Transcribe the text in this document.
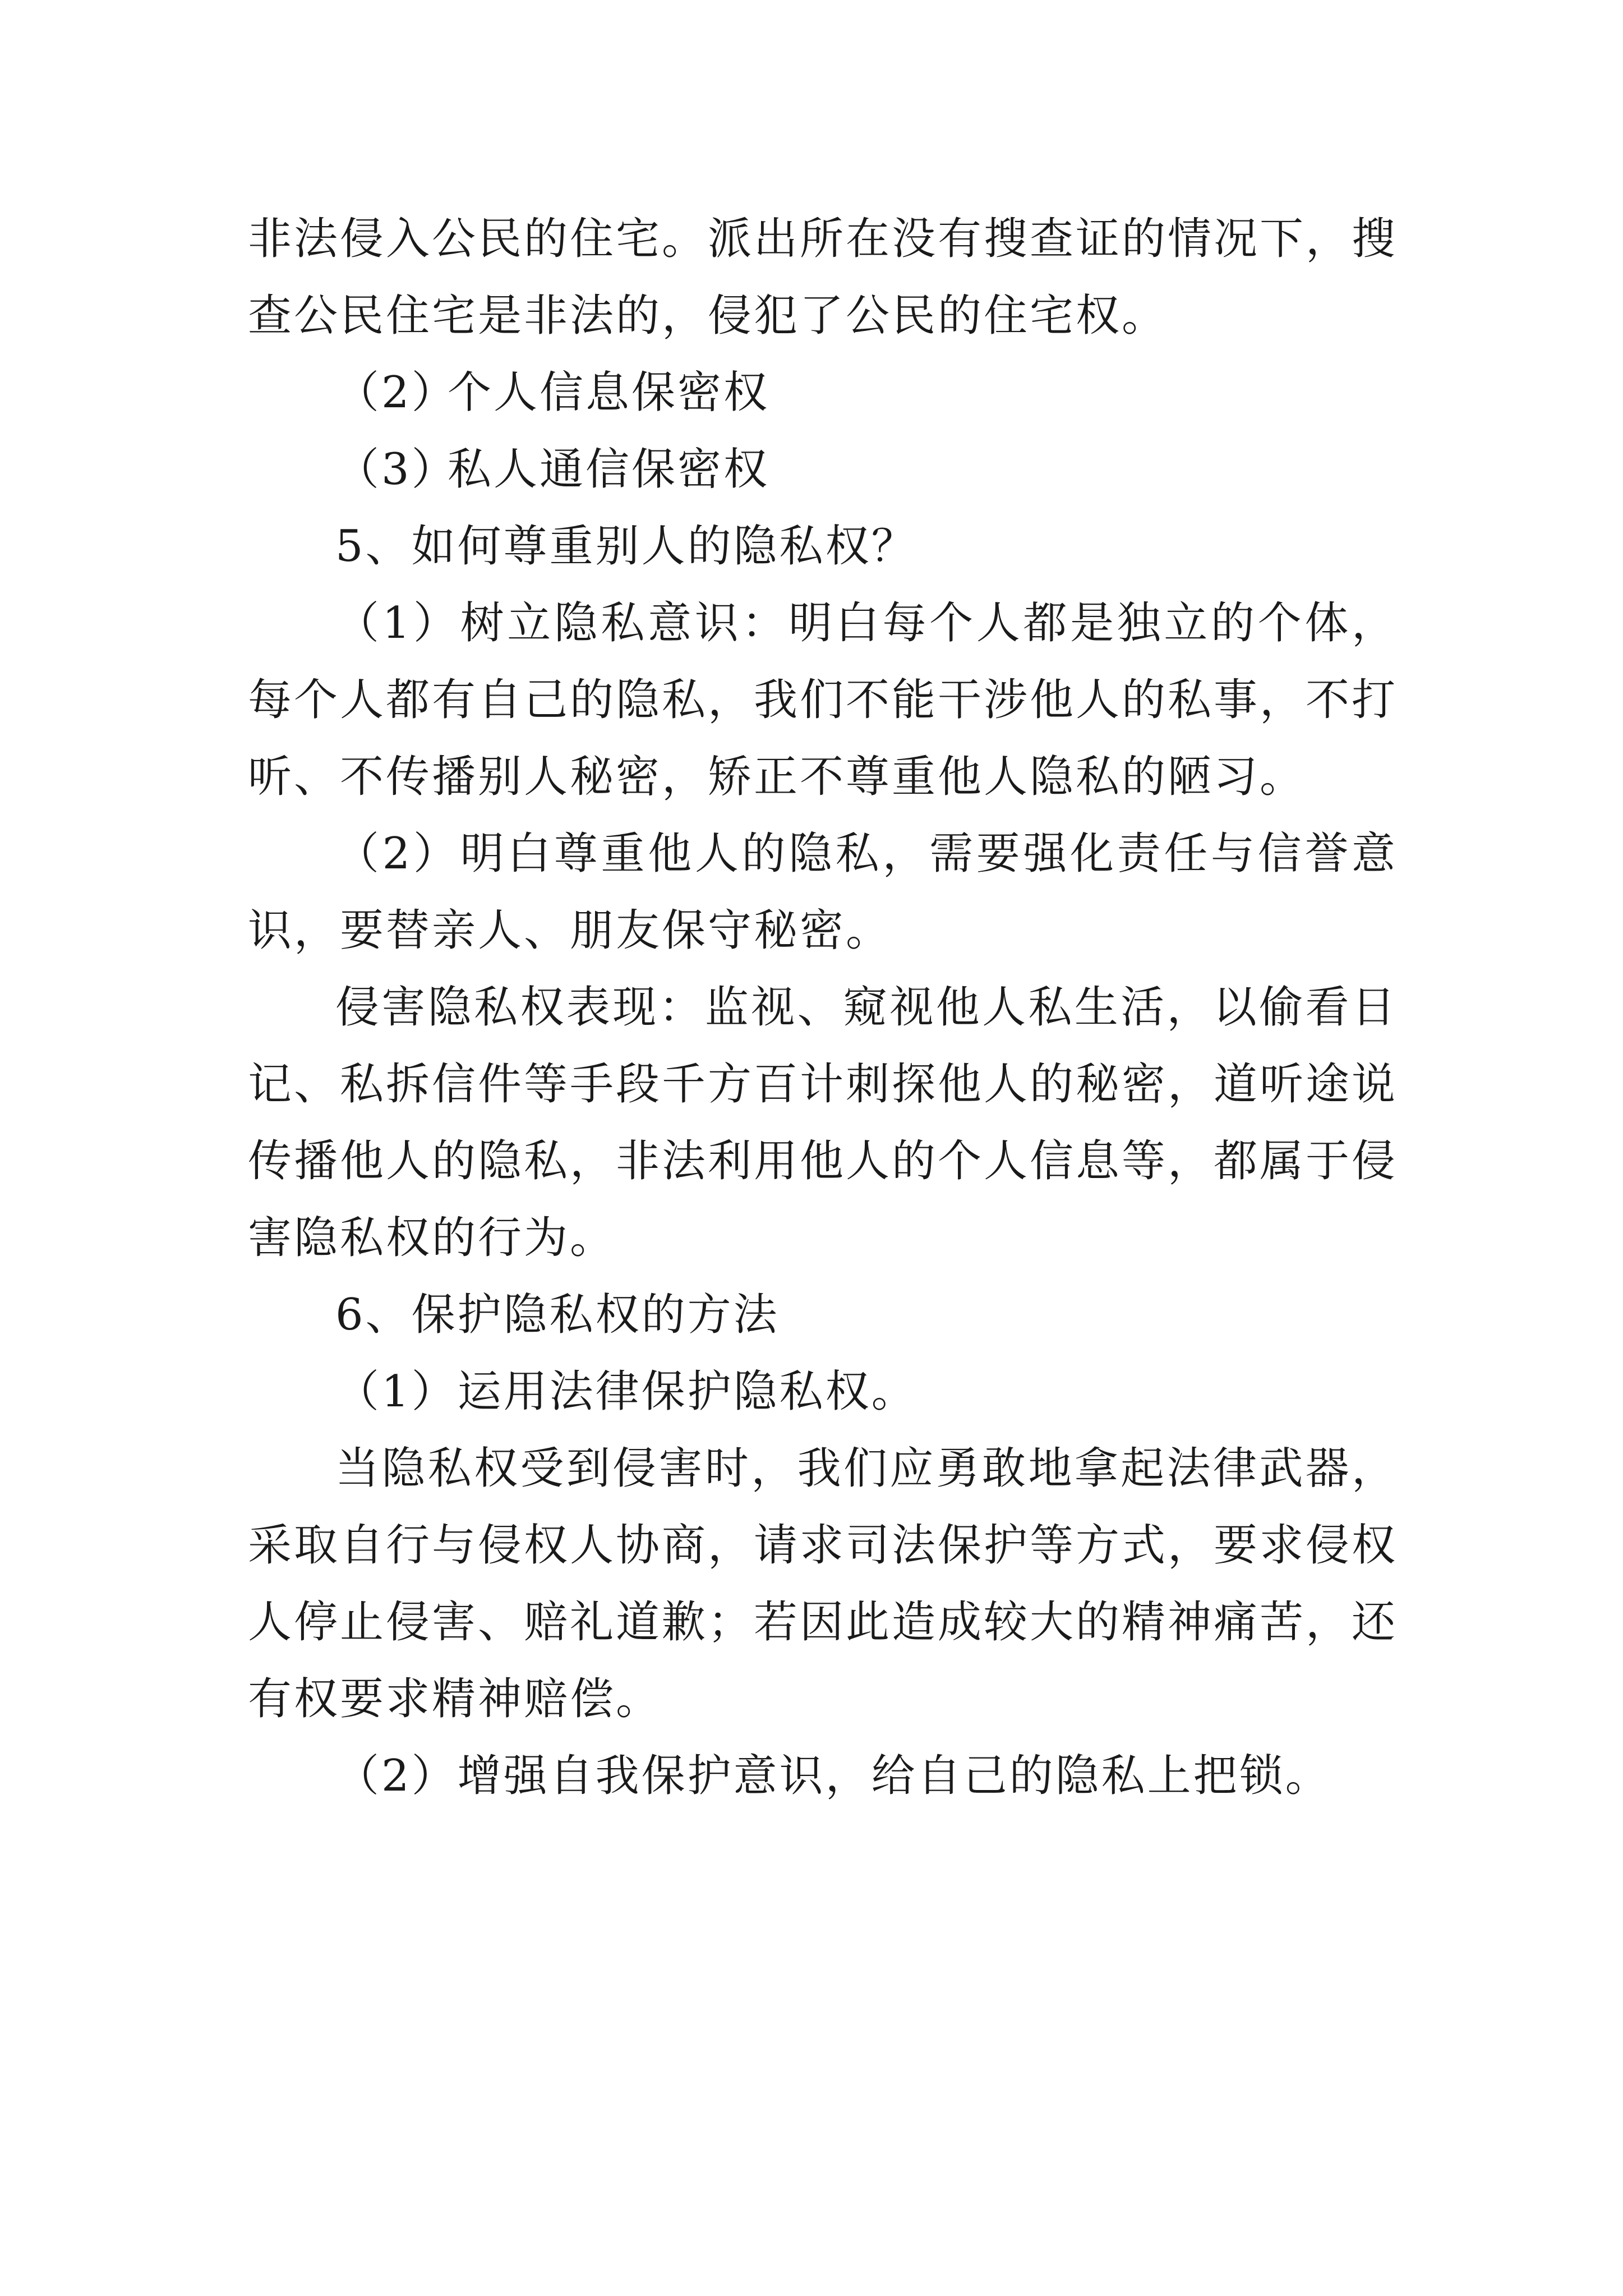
非法侵入公民的住宅。派出所在没有搜查证的情况下，搜查公民住宅是非法的，侵犯了公民的住宅权。

（2）个人信息保密权

（3）私人通信保密权

5、如何尊重别人的隐私权？

（1）树立隐私意识：明白每个人都是独立的个体，每个人都有自己的隐私，我们不能干涉他人的私事，不打听、不传播别人秘密，矫正不尊重他人隐私的陋习。

（2）明白尊重他人的隐私，需要强化责任与信誉意识，要替亲人、朋友保守秘密。

侵害隐私权表现：监视、窥视他人私生活，以偷看日记、私拆信件等手段千方百计刺探他人的秘密，道听途说传播他人的隐私，非法利用他人的个人信息等，都属于侵害隐私权的行为。

6、保护隐私权的方法

（1）运用法律保护隐私权。

当隐私权受到侵害时，我们应勇敢地拿起法律武器，采取自行与侵权人协商，请求司法保护等方式，要求侵权人停止侵害、赔礼道歉；若因此造成较大的精神痛苦，还有权要求精神赔偿。

（2）增强自我保护意识，给自己的隐私上把锁。
